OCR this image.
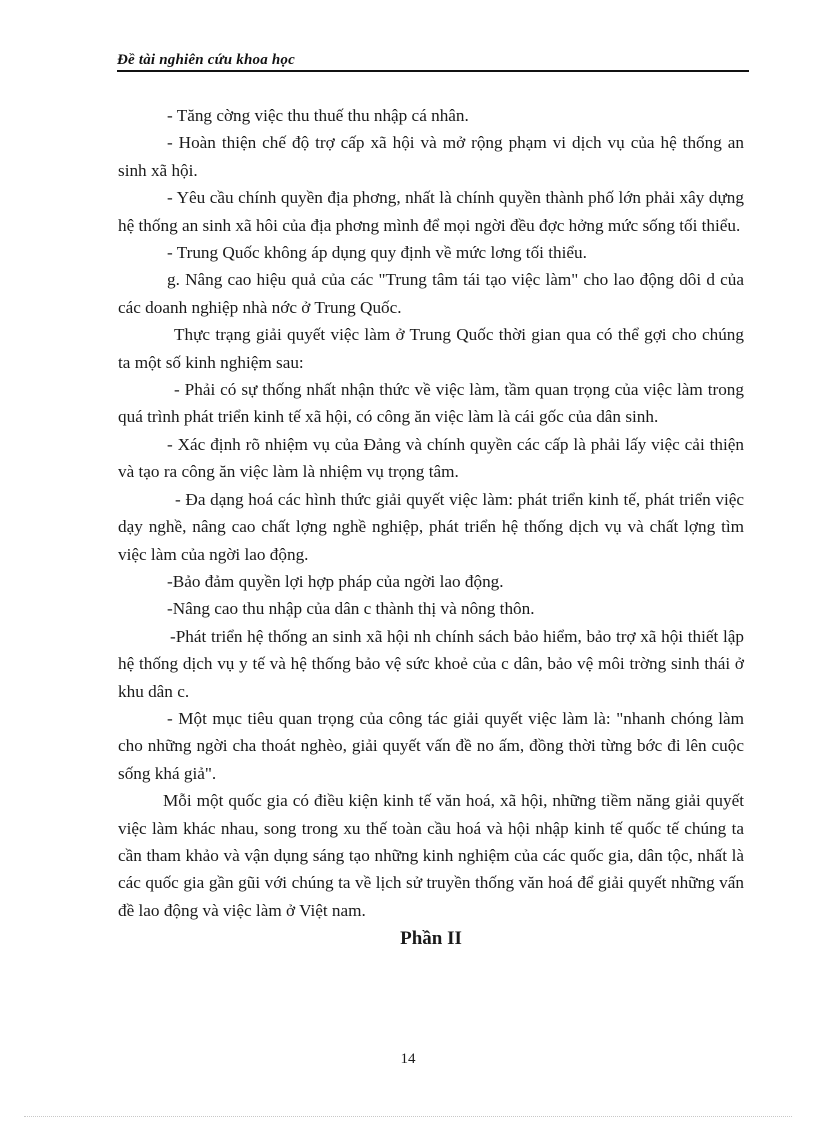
Đề tài nghiên cứu khoa học

- Tăng cờng việc thu thuế thu nhập cá nhân.

- Hoàn thiện chế độ trợ cấp xã hội và mở rộng phạm vi dịch vụ của hệ thống an sinh xã hội.

- Yêu cầu chính quyền địa phơng, nhất là chính quyền thành phố lớn phải xây dựng hệ thống an sinh xã hôi của địa phơng mình để mọi ngời đều đợc hởng mức sống tối thiểu.

- Trung Quốc không áp dụng quy định về mức lơng tối thiểu.

g. Nâng cao hiệu quả của các "Trung tâm tái tạo việc làm" cho lao động dôi d của các doanh nghiệp nhà nớc ở Trung Quốc.

Thực trạng giải quyết việc làm ở Trung Quốc thời gian qua có thể gợi cho chúng ta một số kinh nghiệm sau:

- Phải có sự thống nhất nhận thức về việc làm, tầm quan trọng của việc làm trong quá trình phát triển kinh tế xã hội, có công ăn việc làm là cái gốc của dân sinh.

- Xác định rõ nhiệm vụ của Đảng và chính quyền các cấp là phải lấy việc cải thiện và tạo ra công ăn việc làm là nhiệm vụ trọng tâm.

- Đa dạng hoá các hình thức giải quyết việc làm: phát triển kinh tế, phát triển việc dạy nghề, nâng cao chất lợng nghề nghiệp, phát triển hệ thống dịch vụ và chất lợng tìm việc làm của ngời lao động.

-Bảo đảm quyền lợi hợp pháp của ngời lao động.

-Nâng cao thu nhập của dân c thành thị và nông thôn.

-Phát triển hệ thống an sinh xã hội nh chính sách bảo hiểm, bảo trợ xã hội thiết lập hệ thống dịch vụ y tế và hệ thống bảo vệ sức khoẻ của c dân, bảo vệ môi trờng sinh thái ở khu dân c.

- Một mục tiêu quan trọng của công tác giải quyết việc làm là: "nhanh chóng làm cho những ngời cha thoát nghèo, giải quyết vấn đề no ấm, đồng thời từng bớc đi lên cuộc sống khá giả".

Mỗi một quốc gia có điều kiện kinh tế văn hoá, xã hội, những tiềm năng giải quyết việc làm khác nhau, song trong xu thế toàn cầu hoá và hội nhập kinh tế quốc tế chúng ta cần tham khảo và vận dụng sáng tạo những kinh nghiệm của các quốc gia, dân tộc, nhất là các quốc gia gần gũi với chúng ta về lịch sử truyền thống văn hoá để giải quyết những vấn đề lao động và việc làm ở Việt nam.

Phần II

14
